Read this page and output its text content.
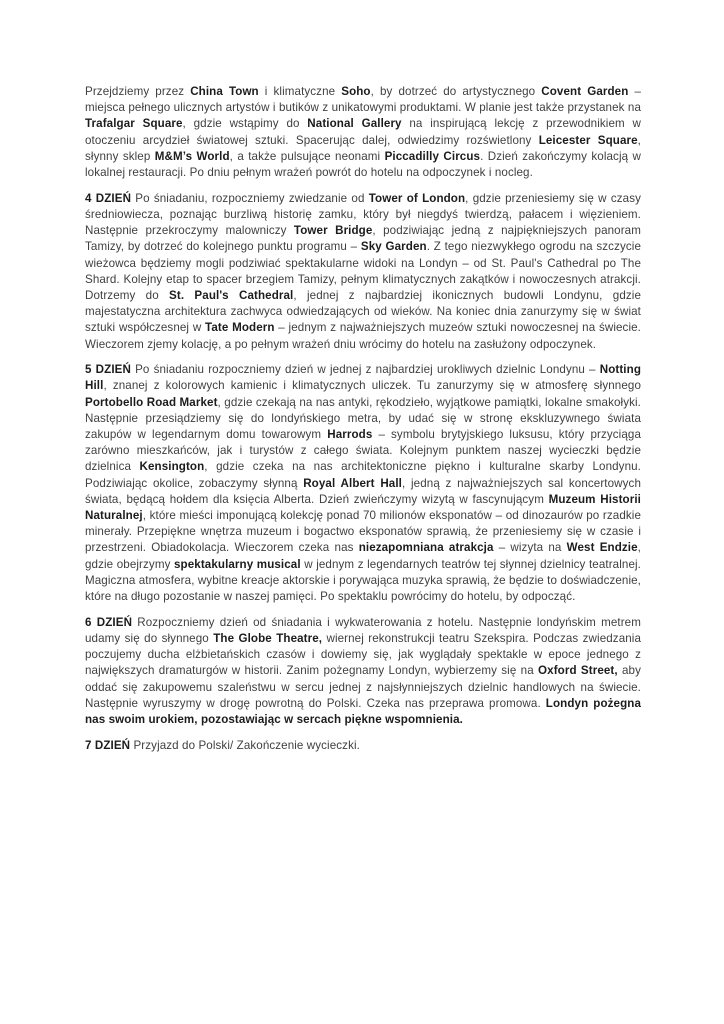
Przejdziemy przez China Town i klimatyczne Soho, by dotrzeć do artystycznego Covent Garden – miejsca pełnego ulicznych artystów i butików z unikatowymi produktami. W planie jest także przystanek na Trafalgar Square, gdzie wstąpimy do National Gallery na inspirującą lekcję z przewodnikiem w otoczeniu arcydzieł światowej sztuki. Spacerując dalej, odwiedzimy rozświetlony Leicester Square, słynny sklep M&M’s World, a także pulsujące neonami Piccadilly Circus. Dzień zakończymy kolacją w lokalnej restauracji. Po dniu pełnym wrażeń powrót do hotelu na odpoczynek i nocleg.

4 DZIEŃ Po śniadaniu, rozpoczniemy zwiedzanie od Tower of London, gdzie przeniesiemy się w czasy średniowiecza, poznając burzliwą historię zamku, który był niegdyś twierdzą, pałacem i więzieniem. Następnie przekroczymy malowniczy Tower Bridge, podziwiając jedną z najpiękniejszych panoram Tamizy, by dotrzeć do kolejnego punktu programu – Sky Garden. Z tego niezwykłego ogrodu na szczycie wieżowca będziemy mogli podziwiać spektakularne widoki na Londyn – od St. Paul's Cathedral po The Shard. Kolejny etap to spacer brzegiem Tamizy, pełnym klimatycznych zakątków i nowoczesnych atrakcji. Dotrzemy do St. Paul's Cathedral, jednej z najbardziej ikonicznych budowli Londynu, gdzie majestatyczna architektura zachwyca odwiedzających od wieków. Na koniec dnia zanurzymy się w świat sztuki współczesnej w Tate Modern – jednym z najważniejszych muzeów sztuki nowoczesnej na świecie. Wieczorem zjemy kolację, a po pełnym wrażeń dniu wrócimy do hotelu na zasłużony odpoczynek.

5 DZIEŃ Po śniadaniu rozpoczniemy dzień w jednej z najbardziej urokliwych dzielnic Londynu – Notting Hill, znanej z kolorowych kamienic i klimatycznych uliczek. Tu zanurzymy się w atmosferę słynnego Portobello Road Market, gdzie czekają na nas antyki, rękodzieło, wyjątkowe pamiątki, lokalne smakołyki. Następnie przesiądziemy się do londyńskiego metra, by udać się w stronę ekskluzywnego świata zakupów w legendarnym domu towarowym Harrods – symbolu brytyjskiego luksusu, który przyciąga zarówno mieszkańców, jak i turystów z całego świata. Kolejnym punktem naszej wycieczki będzie dzielnica Kensington, gdzie czeka na nas architektoniczne piękno i kulturalne skarby Londynu. Podziwiając okolice, zobaczymy słynną Royal Albert Hall, jedną z najważniejszych sal koncertowych świata, będącą hołdem dla księcia Alberta. Dzień zwieńczymy wizytą w fascynującym Muzeum Historii Naturalnej, które mieści imponującą kolekcję ponad 70 milionów eksponatów – od dinozaurów po rzadkie minerały. Przepiękne wnętrza muzeum i bogactwo eksponatów sprawią, że przeniesiemy się w czasie i przestrzeni. Obiadokolacja. Wieczorem czeka nas niezapomniana atrakcja – wizyta na West Endzie, gdzie obejrzymy spektakularny musical w jednym z legendarnych teatrów tej słynnej dzielnicy teatralnej. Magiczna atmosfera, wybitne kreacje aktorskie i porywająca muzyka sprawią, że będzie to doświadczenie, które na długo pozostanie w naszej pamięci. Po spektaklu powrócimy do hotelu, by odpocząć.

6 DZIEŃ Rozpoczniemy dzień od śniadania i wykwaterowania z hotelu. Następnie londyńskim metrem udamy się do słynnego The Globe Theatre, wiernej rekonstrukcji teatru Szekspira. Podczas zwiedzania poczujemy ducha elżbietańskich czasów i dowiemy się, jak wyglądały spektakle w epoce jednego z największych dramaturgów w historii. Zanim pożegnamy Londyn, wybierzemy się na Oxford Street, aby oddać się zakupowemu szaleństwu w sercu jednej z najsłynniejszych dzielnic handlowych na świecie. Następnie wyruszymy w drogę powrotną do Polski. Czeka nas przeprawa promowa. Londyn pożegna nas swoim urokiem, pozostawiając w sercach piękne wspomnienia.

7 DZIEŃ Przyjazd do Polski/ Zakończenie wycieczki.
